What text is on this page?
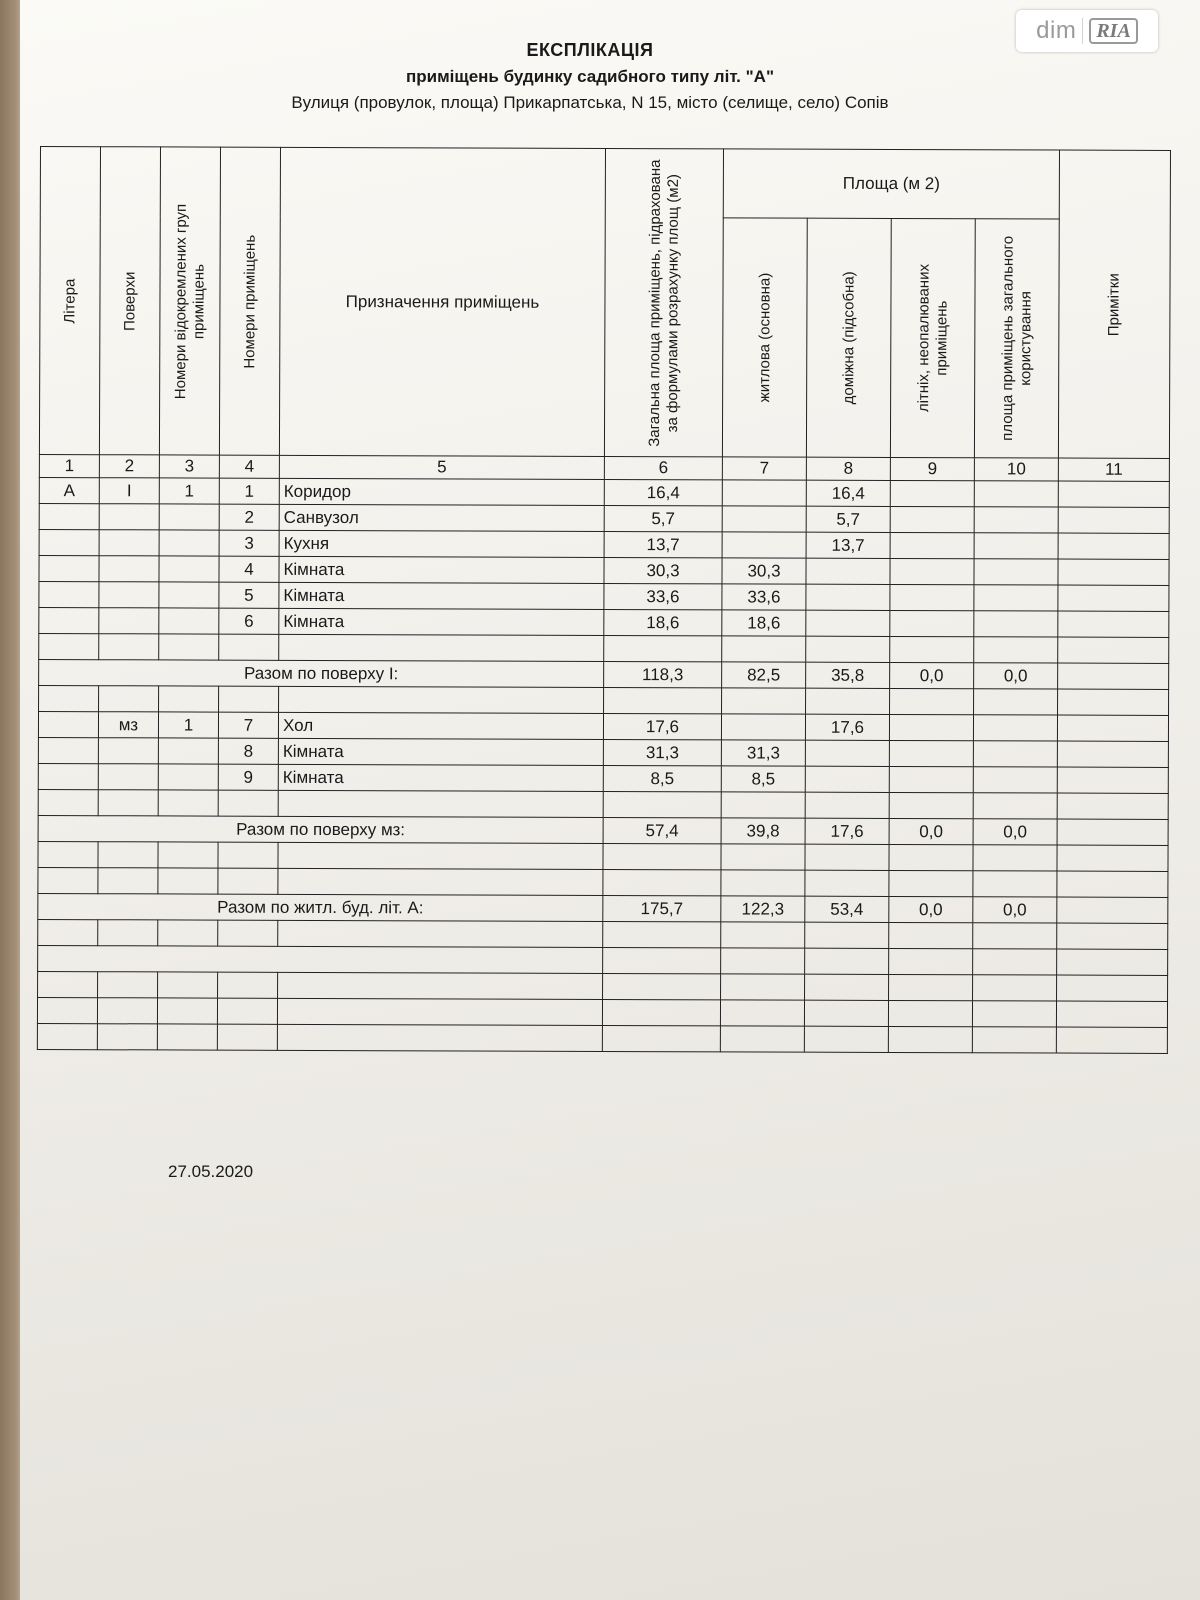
dim	RIA
ЕКСПЛІКАЦІЯ
приміщень будинку садибного типу літ. "А"
Вулиця (провулок, площа) Прикарпатська, N 15, місто (селище, село) Сопів
Літера	Поверхи	Номери відокремлених груп приміщень	Номери приміщень	Призначення приміщень	Загальна площа приміщень, підрахована за формулами розрахунку площ (м2)	Площа (м 2)				Примітки

						житлова (основна)	доміжна (підсобна)	літніх, неопалюваних приміщень	площа приміщень загального користування	

1	2	3	4	5	6	7	8	9	10	11
А	І	1	1	Коридор	16,4		16,4			
			2	Санвузол	5,7		5,7			
			3	Кухня	13,7		13,7			
			4	Кімната	30,3	30,3				
			5	Кімната	33,6	33,6				
			6	Кімната	18,6	18,6				

Разом по поверху І:					118,3	82,5	35,8	0,0	0,0	

	мз	1	7	Хол	17,6		17,6			
			8	Кімната	31,3	31,3				
			9	Кімната	8,5	8,5				

Разом по поверху мз:					57,4	39,8	17,6	0,0	0,0	

Разом по житл. буд. літ. А:					175,7	122,3	53,4	0,0	0,0	

27.05.2020
